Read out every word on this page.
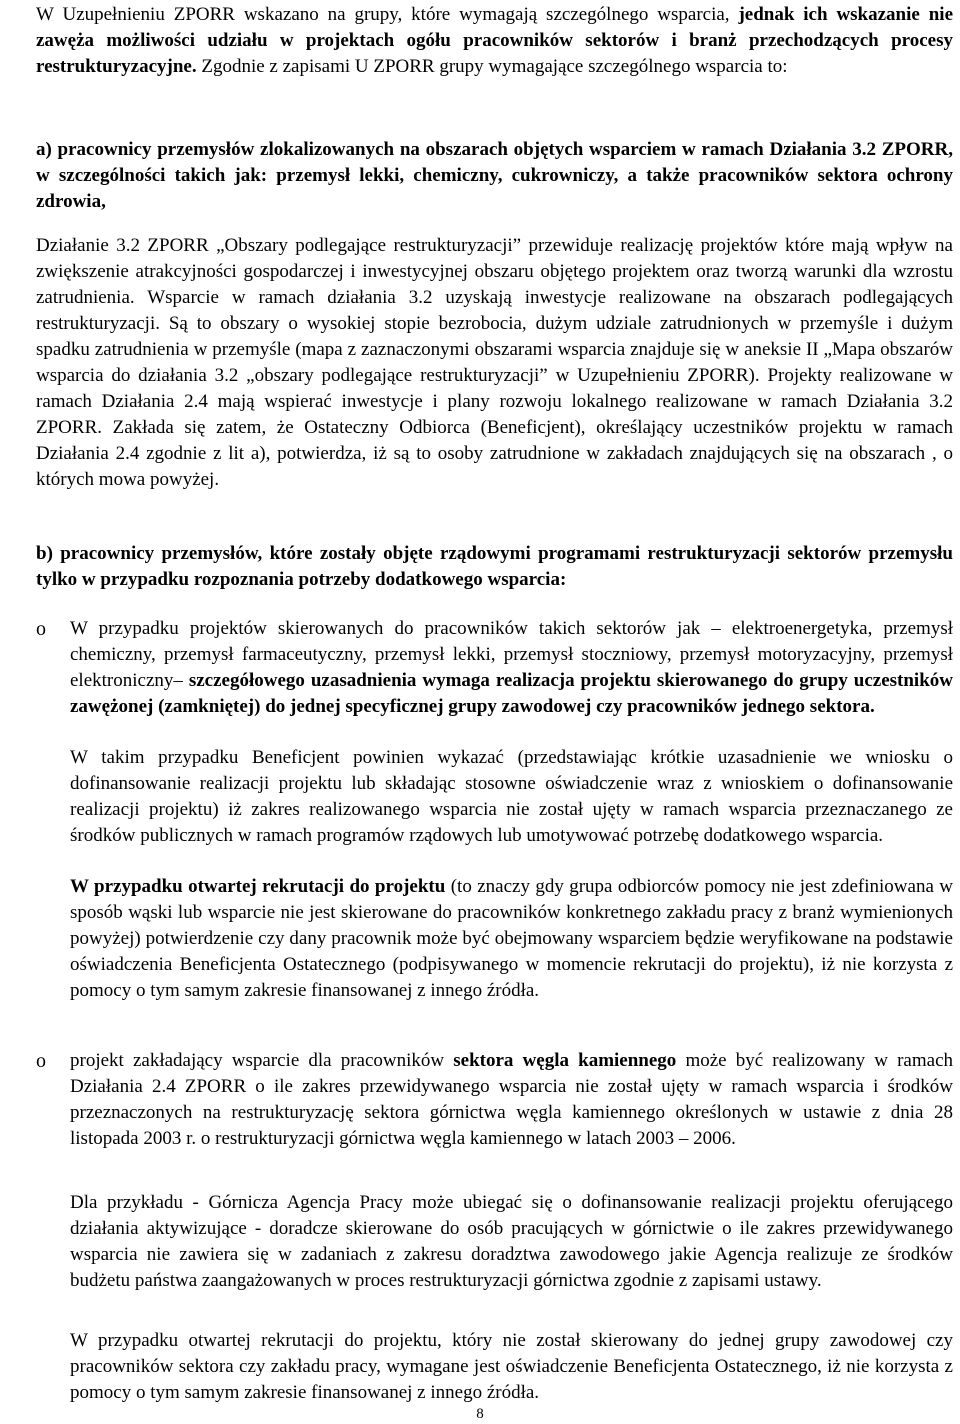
W Uzupełnieniu ZPORR wskazano na grupy, które wymagają szczególnego wsparcia, jednak ich wskazanie nie zawęża możliwości udziału w projektach ogółu pracowników sektorów i branż przechodzących procesy restrukturyzacyjne. Zgodnie z zapisami U ZPORR grupy wymagające szczególnego wsparcia to:

a) pracownicy przemysłów zlokalizowanych na obszarach objętych wsparciem w ramach Działania 3.2 ZPORR, w szczególności takich jak: przemysł lekki, chemiczny, cukrowniczy, a także pracowników sektora ochrony zdrowia,

Działanie 3.2 ZPORR „Obszary podlegające restrukturyzacji” przewiduje realizację projektów które mają wpływ na zwiększenie atrakcyjności gospodarczej i inwestycyjnej obszaru objętego projektem oraz tworzą warunki dla wzrostu zatrudnienia. Wsparcie w ramach działania 3.2 uzyskają inwestycje realizowane na obszarach podlegających restrukturyzacji. Są to obszary o wysokiej stopie bezrobocia, dużym udziale zatrudnionych w przemyśle i dużym spadku zatrudnienia w przemyśle (mapa z zaznaczonymi obszarami wsparcia znajduje się w aneksie II „Mapa obszarów wsparcia do działania 3.2 „obszary podlegające restrukturyzacji” w Uzupełnieniu ZPORR). Projekty realizowane w ramach Działania 2.4 mają wspierać inwestycje i plany rozwoju lokalnego realizowane w ramach Działania 3.2 ZPORR. Zakłada się zatem, że Ostateczny Odbiorca (Beneficjent), określający uczestników projektu w ramach Działania 2.4 zgodnie z lit a), potwierdza, iż są to osoby zatrudnione w zakładach znajdujących się na obszarach , o których mowa powyżej.

b) pracownicy przemysłów, które zostały objęte rządowymi programami restrukturyzacji sektorów przemysłu tylko w przypadku rozpoznania potrzeby dodatkowego wsparcia:

o W przypadku projektów skierowanych do pracowników takich sektorów jak – elektroenergetyka, przemysł chemiczny, przemysł farmaceutyczny, przemysł lekki, przemysł stoczniowy, przemysł motoryzacyjny, przemysł elektroniczny– szczegółowego uzasadnienia wymaga realizacja projektu skierowanego do grupy uczestników zawężonej (zamkniętej) do jednej specyficznej grupy zawodowej czy pracowników jednego sektora.

W takim przypadku Beneficjent powinien wykazać (przedstawiając krótkie uzasadnienie we wniosku o dofinansowanie realizacji projektu lub składając stosowne oświadczenie wraz z wnioskiem o dofinansowanie realizacji projektu) iż zakres realizowanego wsparcia nie został ujęty w ramach wsparcia przeznaczanego ze środków publicznych w ramach programów rządowych lub umotywować potrzebę dodatkowego wsparcia.

W przypadku otwartej rekrutacji do projektu (to znaczy gdy grupa odbiorców pomocy nie jest zdefiniowana w sposób wąski lub wsparcie nie jest skierowane do pracowników konkretnego zakładu pracy z branż wymienionych powyżej) potwierdzenie czy dany pracownik może być obejmowany wsparciem będzie weryfikowane na podstawie oświadczenia Beneficjenta Ostatecznego (podpisywanego w momencie rekrutacji do projektu), iż nie korzysta z pomocy o tym samym zakresie finansowanej z innego źródła.

o projekt zakładający wsparcie dla pracowników sektora węgla kamiennego może być realizowany w ramach Działania 2.4 ZPORR o ile zakres przewidywanego wsparcia nie został ujęty w ramach wsparcia i środków przeznaczonych na restrukturyzację sektora górnictwa węgla kamiennego określonych w ustawie z dnia 28 listopada 2003 r. o restrukturyzacji górnictwa węgla kamiennego w latach 2003 – 2006.

Dla przykładu - Górnicza Agencja Pracy może ubiegać się o dofinansowanie realizacji projektu oferującego działania aktywizujące - doradcze skierowane do osób pracujących w górnictwie o ile zakres przewidywanego wsparcia nie zawiera się w zadaniach z zakresu doradztwa zawodowego jakie Agencja realizuje ze środków budżetu państwa zaangażowanych w proces restrukturyzacji górnictwa zgodnie z zapisami ustawy.

W przypadku otwartej rekrutacji do projektu, który nie został skierowany do jednej grupy zawodowej czy pracowników sektora czy zakładu pracy, wymagane jest oświadczenie Beneficjenta Ostatecznego, iż nie korzysta z pomocy o tym samym zakresie finansowanej z innego źródła.

8
